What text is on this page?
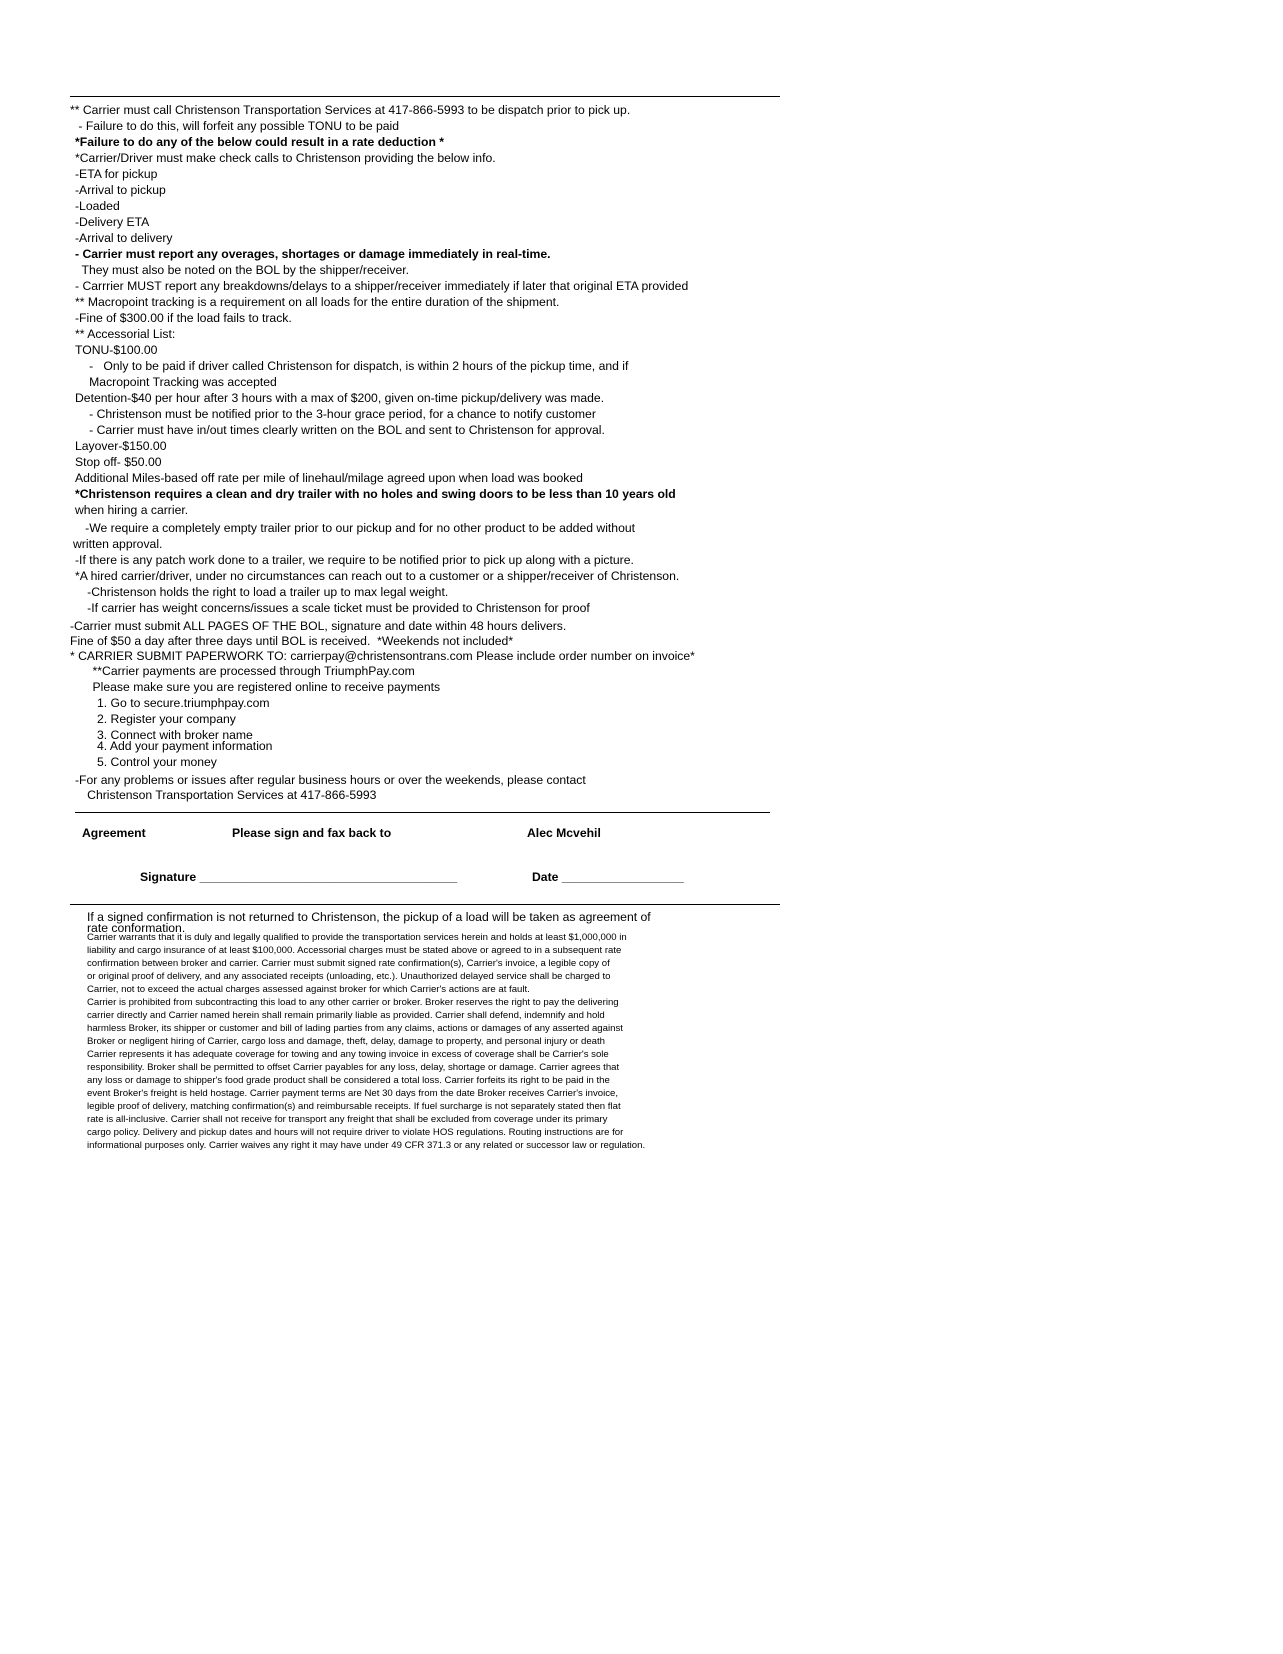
** Carrier must call Christenson Transportation Services at 417-866-5993 to be dispatch prior to pick up.
- Failure to do this, will forfeit any possible TONU to be paid
*Failure to do any of the below could result in a rate deduction *
*Carrier/Driver must make check calls to Christenson providing the below info.
-ETA for pickup
-Arrival to pickup
-Loaded
-Delivery ETA
-Arrival to delivery
- Carrier must report any overages, shortages or damage immediately in real-time.
They must also be noted on the BOL by the shipper/receiver.
- Carrrier MUST report any breakdowns/delays to a shipper/receiver immediately if later that original ETA provided
** Macropoint tracking is a requirement on all loads for the entire duration of the shipment.
-Fine of $300.00 if the load fails to track.
** Accessorial List:
TONU-$100.00
-   Only to be paid if driver called Christenson for dispatch, is within 2 hours of the pickup time, and if
Macropoint Tracking was accepted
Detention-$40 per hour after 3 hours with a max of $200, given on-time pickup/delivery was made.
- Christenson must be notified prior to the 3-hour grace period, for a chance to notify customer
- Carrier must have in/out times clearly written on the BOL and sent to Christenson for approval.
Layover-$150.00
Stop off- $50.00
Additional Miles-based off rate per mile of linehaul/milage agreed upon when load was booked
*Christenson requires a clean and dry trailer with no holes and swing doors to be less than 10 years old
when hiring a carrier.
-We require a completely empty trailer prior to our pickup and for no other product to be added without
written approval.
-If there is any patch work done to a trailer, we require to be notified prior to pick up along with a picture.
*A hired carrier/driver, under no circumstances can reach out to a customer or a shipper/receiver of Christenson.
-Christenson holds the right to load a trailer up to max legal weight.
-If carrier has weight concerns/issues a scale ticket must be provided to Christenson for proof
-Carrier must submit ALL PAGES OF THE BOL, signature and date within 48 hours delivers.
Fine of $50 a day after three days until BOL is received.  *Weekends not included*
* CARRIER SUBMIT PAPERWORK TO: carrierpay@christensontrans.com Please include order number on invoice*
**Carrier payments are processed through TriumphPay.com
Please make sure you are registered online to receive payments
1. Go to secure.triumphpay.com
2. Register your company
3. Connect with broker name
4. Add your payment information
5. Control your money
-For any problems or issues after regular business hours or over the weekends, please contact
Christenson Transportation Services at 417-866-5993
Agreement	Please sign and fax back to	Alec Mcvehil
Signature ______________________________________	Date __________________
If a signed confirmation is not returned to Christenson, the pickup of a load will be taken as agreement of
rate conformation.
Carrier warrants that it is duly and legally qualified to provide the transportation services herein and holds at least $1,000,000 in
liability and cargo insurance of at least $100,000. Accessorial charges must be stated above or agreed to in a subsequent rate
confirmation between broker and carrier. Carrier must submit signed rate confirmation(s), Carrier's invoice, a legible copy of
or original proof of delivery, and any associated receipts (unloading, etc.). Unauthorized delayed service shall be charged to
Carrier, not to exceed the actual charges assessed against broker for which Carrier's actions are at fault.
Carrier is prohibited from subcontracting this load to any other carrier or broker. Broker reserves the right to pay the delivering
carrier directly and Carrier named herein shall remain primarily liable as provided. Carrier shall defend, indemnify and hold
harmless Broker, its shipper or customer and bill of lading parties from any claims, actions or damages of any asserted against
Broker or negligent hiring of Carrier, cargo loss and damage, theft, delay, damage to property, and personal injury or death
Carrier represents it has adequate coverage for towing and any towing invoice in excess of coverage shall be Carrier's sole
responsibility. Broker shall be permitted to offset Carrier payables for any loss, delay, shortage or damage. Carrier agrees that
any loss or damage to shipper's food grade product shall be considered a total loss. Carrier forfeits its right to be paid in the
event Broker's freight is held hostage. Carrier payment terms are Net 30 days from the date Broker receives Carrier's invoice,
legible proof of delivery, matching confirmation(s) and reimbursable receipts. If fuel surcharge is not separately stated then flat
rate is all-inclusive. Carrier shall not receive for transport any freight that shall be excluded from coverage under its primary
cargo policy. Delivery and pickup dates and hours will not require driver to violate HOS regulations. Routing instructions are for
informational purposes only. Carrier waives any right it may have under 49 CFR 371.3 or any related or successor law or regulation.
